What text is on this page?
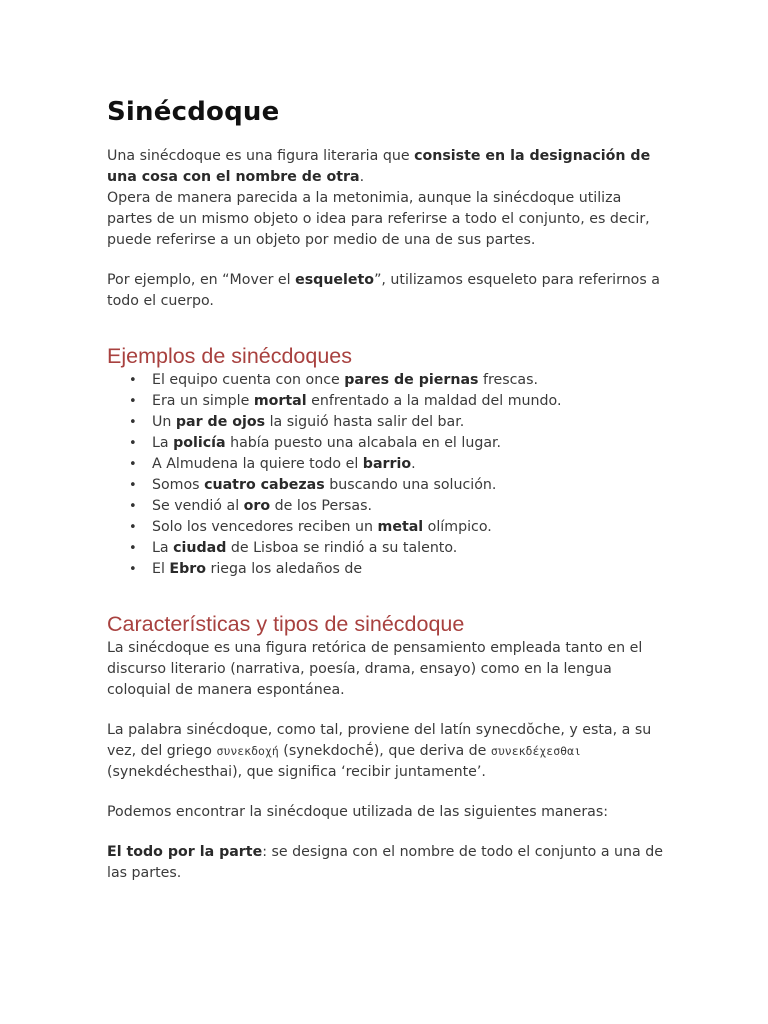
Sinécdoque

Una sinécdoque es una figura literaria que consiste en la designación de una cosa con el nombre de otra.

Opera de manera parecida a la metonimia, aunque la sinécdoque utiliza partes de un mismo objeto o idea para referirse a todo el conjunto, es decir, puede referirse a un objeto por medio de una de sus partes.

Por ejemplo, en “Mover el esqueleto”, utilizamos esqueleto para referirnos a todo el cuerpo.

Ejemplos de sinécdoques
• El equipo cuenta con once pares de piernas frescas.
• Era un simple mortal enfrentado a la maldad del mundo.
• Un par de ojos la siguió hasta salir del bar.
• La policía había puesto una alcabala en el lugar.
• A Almudena la quiere todo el barrio.
• Somos cuatro cabezas buscando una solución.
• Se vendió al oro de los Persas.
• Solo los vencedores reciben un metal olímpico.
• La ciudad de Lisboa se rindió a su talento.
• El Ebro riega los aledaños de
Características y tipos de sinécdoque

La sinécdoque es una figura retórica de pensamiento empleada tanto en el discurso literario (narrativa, poesía, drama, ensayo) como en la lengua coloquial de manera espontánea.

La palabra sinécdoque, como tal, proviene del latín synecdŏche, y esta, a su vez, del griego συνεκδοχή (synekdochḗ), que deriva de συνεκδέχεσθαι (synekdéchesthai), que significa ‘recibir juntamente’.

Podemos encontrar la sinécdoque utilizada de las siguientes maneras:

El todo por la parte: se designa con el nombre de todo el conjunto a una de las partes.
